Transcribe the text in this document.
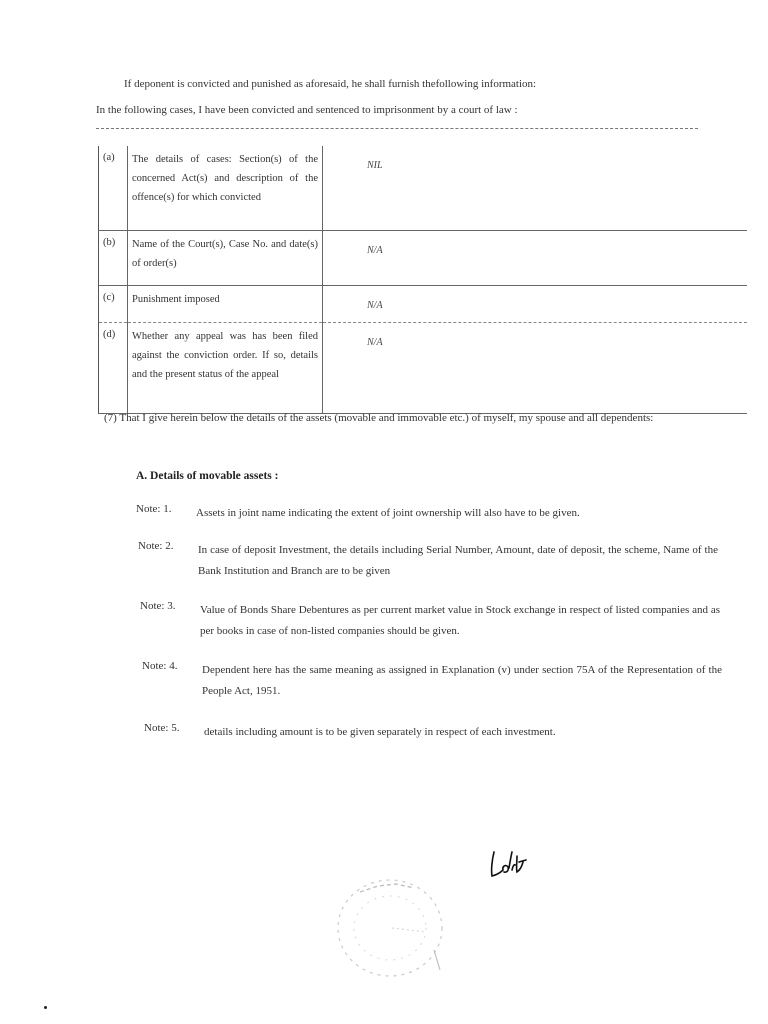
If deponent is convicted and punished as aforesaid, he shall furnish thefollowing information:
In the following cases, I have been convicted and sentenced to imprisonment by a court of law :
(a)	The details of cases: Section(s) of the concerned Act(s) and description of the offence(s) for which convicted	NIL
(b)	Name of the Court(s), Case No. and date(s) of order(s)	N/A
(c)	Punishment imposed	N/A
(d)	Whether any appeal was has been filed against the conviction order. If so, details and the present status of the appeal	N/A
(7) That I give herein below the details of the assets (movable and immovable etc.) of myself, my spouse and all dependents:
A. Details of movable assets :
Note: 1. Assets in joint name indicating the extent of joint ownership will also have to be given.
Note: 2. In case of deposit Investment, the details including Serial Number, Amount, date of deposit, the scheme, Name of the Bank Institution and Branch are to be given
Note: 3. Value of Bonds Share Debentures as per current market value in Stock exchange in respect of listed companies and as per books in case of non-listed companies should be given.
Note: 4. Dependent here has the same meaning as assigned in Explanation (v) under section 75A of the Representation of the People Act, 1951.
Note: 5. details including amount is to be given separately in respect of each investment.
